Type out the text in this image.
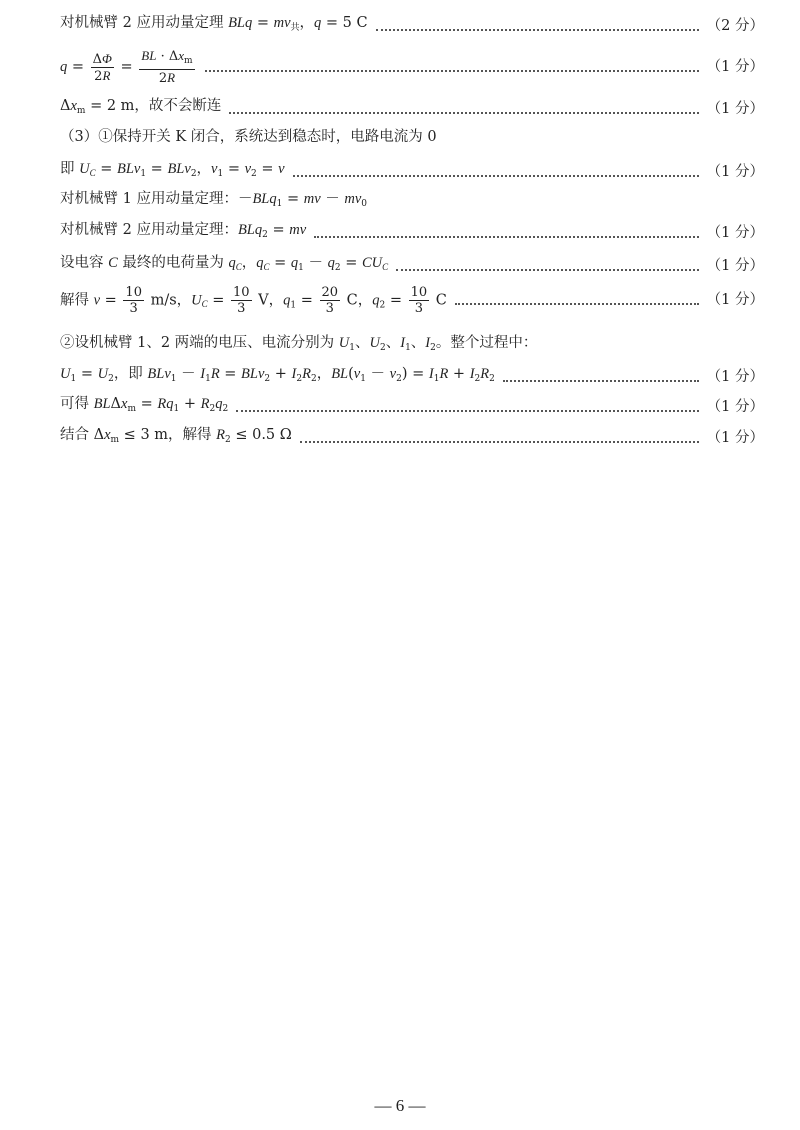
对机械臂 2 应用动量定理 BLq = $mv_共$，q = 5 C	（2 分）
$q = \frac{\Delta\Phi}{2R} = \frac{BL \cdot \Delta x_m}{2R}$	（1 分）
$\Delta x_m = 2$ m，故不会断连	（1 分）
（3）①保持开关 K 闭合，系统达到稳态时，电路电流为 0
即 $U_C = BLv_1 = BLv_2$，$v_1 = v_2 = v$	（1 分）
对机械臂 1 应用动量定理：－BLq$_1$ = mv － $mv_0$
对机械臂 2 应用动量定理：BLq$_2$ = mv	（1 分）
设电容 C 最终的电荷量为 $q_C$，$q_C = q_1 - q_2 = CU_C$	（1 分）
解得 $v = \frac{10}{3} m/s$，$U_C = \frac{10}{3}$ V，$q_1 = \frac{20}{3}$ C，$q_2 = \frac{10}{3}$ C	（1 分）
②设机械臂 1、2 两端的电压、电流分别为 $U_1$、$U_2$、$I_1$、$I_2$。整个过程中：
$U_1 = U_2$，即 $BLv_1 - I_1R = BLv_2 + I_2R_2$，$BL(v_1 - v_2) = I_1R + I_2R_2$	（1 分）
可得 $BL\Delta x_m = Rq_1 + R_2q_2$	（1 分）
结合 $\Delta x_m \le 3$ m，解得 $R_2 \le 0.5$ Ω	（1 分）
— 6 —
